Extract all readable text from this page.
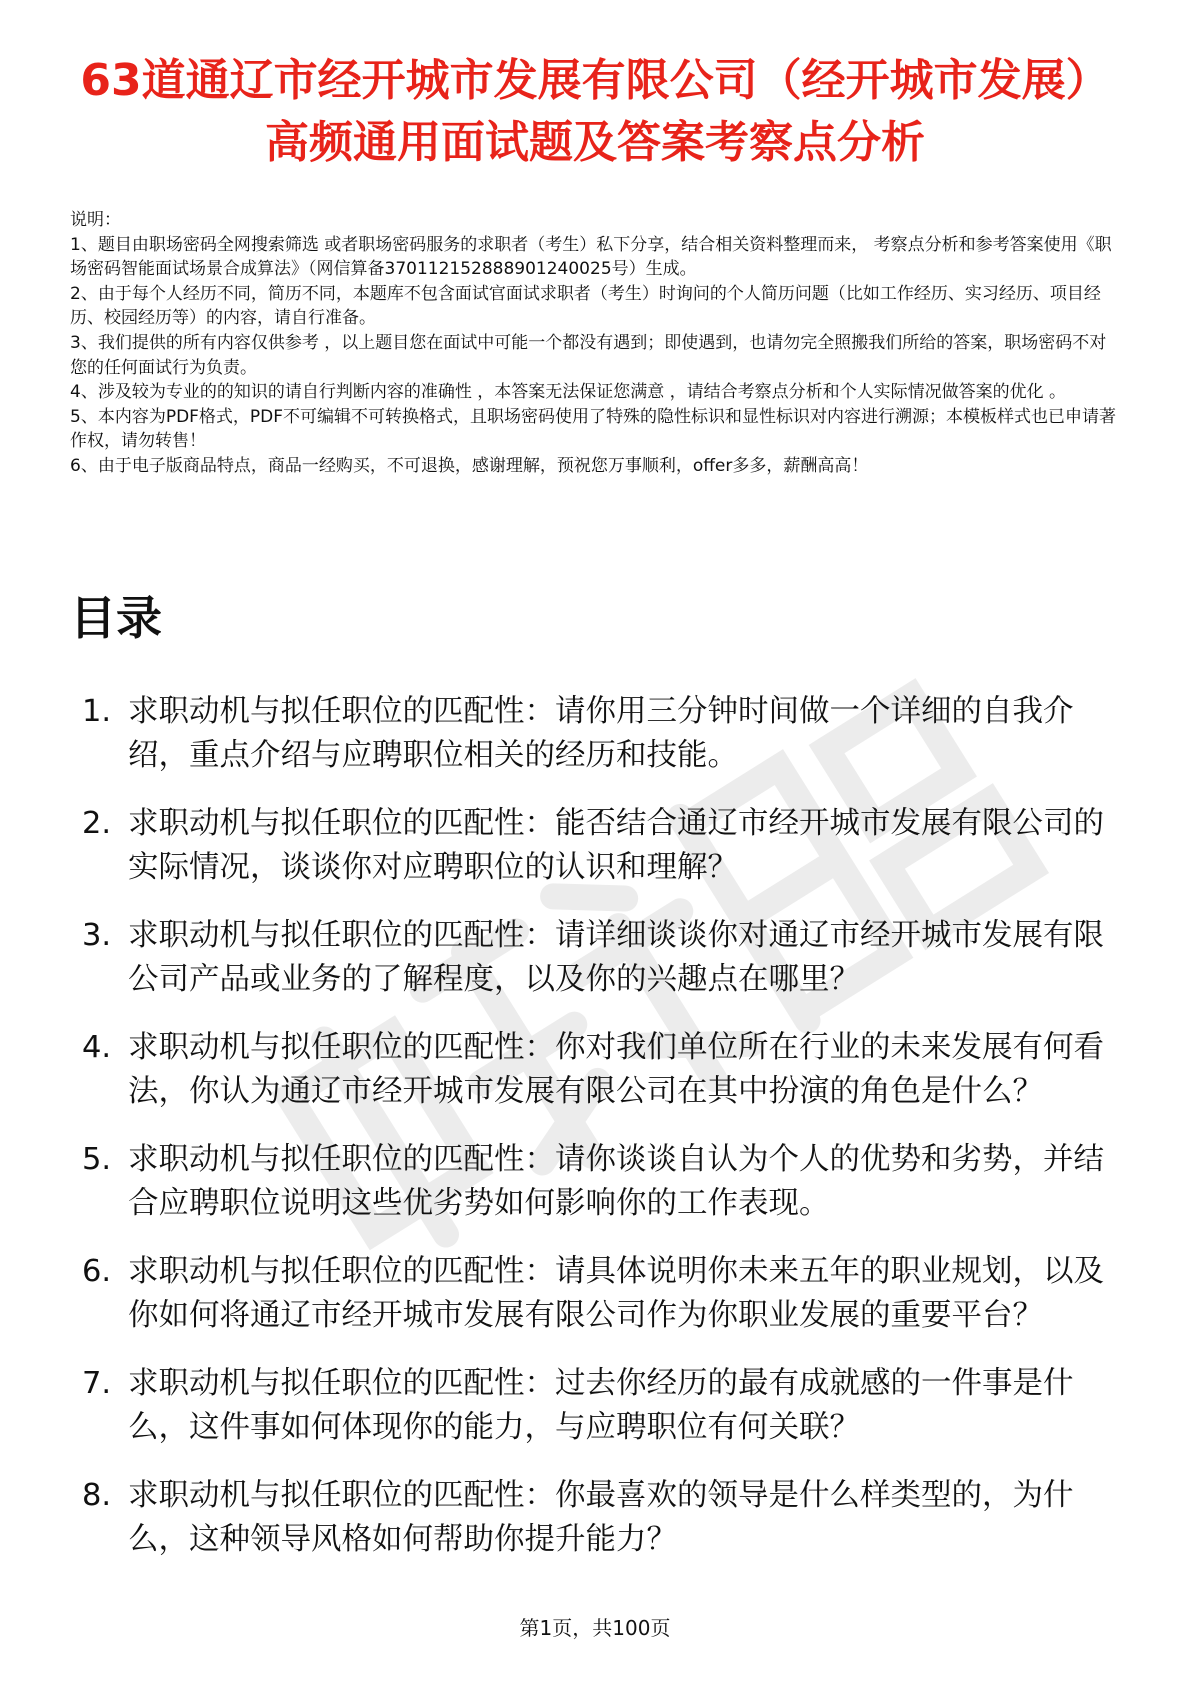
63道通辽市经开城市发展有限公司（经开城市发展）高频通用面试题及答案考察点分析

说明：

1、题目由职场密码全网搜索筛选 或者职场密码服务的求职者（考生）私下分享，结合相关资料整理而来， 考察点分析和参考答案使用《职场密码智能面试场景合成算法》（网信算备370112152888901240025号）生成。

2、由于每个人经历不同，简历不同，本题库不包含面试官面试求职者（考生）时询问的个人简历问题（比如工作经历、实习经历、项目经历、校园经历等）的内容，请自行准备。

3、我们提供的所有内容仅供参考 ，以上题目您在面试中可能一个都没有遇到；即使遇到，也请勿完全照搬我们所给的答案，职场密码不对您的任何面试行为负责。

4、涉及较为专业的的知识的请自行判断内容的准确性 ，本答案无法保证您满意 ，请结合考察点分析和个人实际情况做答案的优化 。

5、本内容为PDF格式，PDF不可编辑不可转换格式，且职场密码使用了特殊的隐性标识和显性标识对内容进行溯源；本模板样式也已申请著作权，请勿转售！

6、由于电子版商品特点，商品一经购买，不可退换，感谢理解，预祝您万事顺利，offer多多，薪酬高高！

目录
1. 求职动机与拟任职位的匹配性：请你用三分钟时间做一个详细的自我介绍，重点介绍与应聘职位相关的经历和技能。
2. 求职动机与拟任职位的匹配性：能否结合通辽市经开城市发展有限公司的实际情况，谈谈你对应聘职位的认识和理解？
3. 求职动机与拟任职位的匹配性：请详细谈谈你对通辽市经开城市发展有限公司产品或业务的了解程度，以及你的兴趣点在哪里？
4. 求职动机与拟任职位的匹配性：你对我们单位所在行业的未来发展有何看法，你认为通辽市经开城市发展有限公司在其中扮演的角色是什么？
5. 求职动机与拟任职位的匹配性：请你谈谈自认为个人的优势和劣势，并结合应聘职位说明这些优劣势如何影响你的工作表现。
6. 求职动机与拟任职位的匹配性：请具体说明你未来五年的职业规划，以及你如何将通辽市经开城市发展有限公司作为你职业发展的重要平台？
7. 求职动机与拟任职位的匹配性：过去你经历的最有成就感的一件事是什么，这件事如何体现你的能力，与应聘职位有何关联？
8. 求职动机与拟任职位的匹配性：你最喜欢的领导是什么样类型的，为什么，这种领导风格如何帮助你提升能力？
第1页，共100页
